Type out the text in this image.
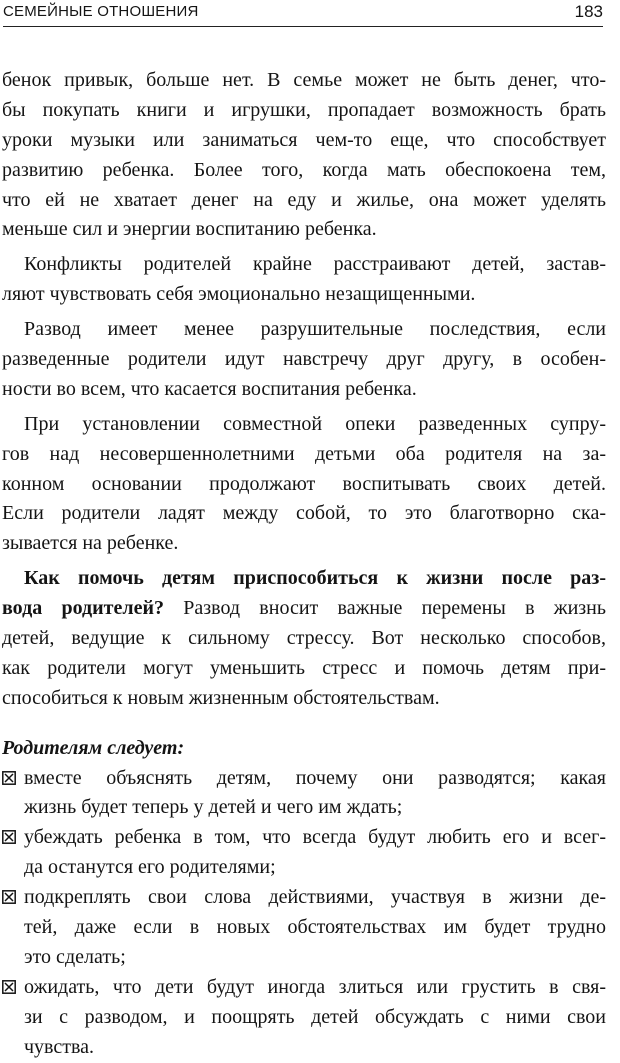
СЕМЕЙНЫЕ ОТНОШЕНИЯ	183
бенок привык, больше нет. В семье может не быть денег, что-
бы покупать книги и игрушки, пропадает возможность брать
уроки музыки или заниматься чем-то еще, что способствует
развитию ребенка. Более того, когда мать обеспокоена тем,
что ей не хватает денег на еду и жилье, она может уделять
меньше сил и энергии воспитанию ребенка.
Конфликты родителей крайне расстраивают детей, застав-
ляют чувствовать себя эмоционально незащищенными.
Развод имеет менее разрушительные последствия, если
разведенные родители идут навстречу друг другу, в особен-
ности во всем, что касается воспитания ребенка.
При установлении совместной опеки разведенных супру-
гов над несовершеннолетними детьми оба родителя на за-
конном основании продолжают воспитывать своих детей.
Если родители ладят между собой, то это благотворно ска-
зывается на ребенке.
Как помочь детям приспособиться к жизни после раз-
вода родителей? Развод вносит важные перемены в жизнь
детей, ведущие к сильному стрессу. Вот несколько способов,
как родители могут уменьшить стресс и помочь детям при-
способиться к новым жизненным обстоятельствам.
Родителям следует:
вместе объяснять детям, почему они разводятся; какая
жизнь будет теперь у детей и чего им ждать;
убеждать ребенка в том, что всегда будут любить его и всег-
да останутся его родителями;
подкреплять свои слова действиями, участвуя в жизни де-
тей, даже если в новых обстоятельствах им будет трудно
это сделать;
ожидать, что дети будут иногда злиться или грустить в свя-
зи с разводом, и поощрять детей обсуждать с ними свои
чувства.
